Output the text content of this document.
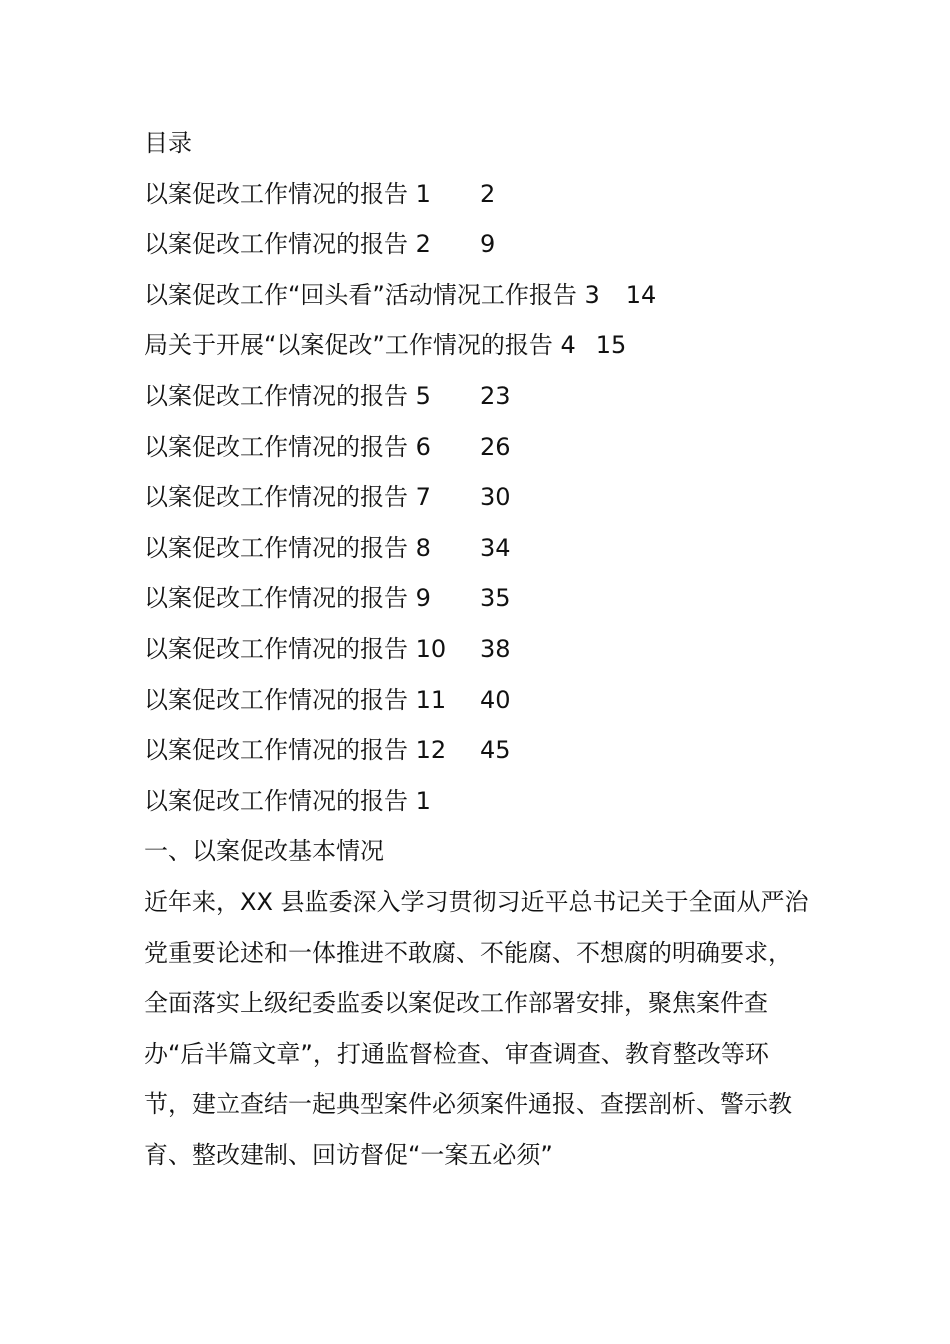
目录
以案促改工作情况的报告 1	2
以案促改工作情况的报告 2	9
以案促改工作“回头看”活动情况工作报告 3 14
局关于开展“以案促改”工作情况的报告 4 15
以案促改工作情况的报告 5	23
以案促改工作情况的报告 6	26
以案促改工作情况的报告 7	30
以案促改工作情况的报告 8	34
以案促改工作情况的报告 9	35
以案促改工作情况的报告 10	38
以案促改工作情况的报告 11	40
以案促改工作情况的报告 12	45
以案促改工作情况的报告 1
一、以案促改基本情况

近年来，XX 县监委深入学习贯彻习近平总书记关于全面从严治党重要论述和一体推进不敢腐、不能腐、不想腐的明确要求，全面落实上级纪委监委以案促改工作部署安排，聚焦案件查办“后半篇文章”，打通监督检查、审查调查、教育整改等环节，建立查结一起典型案件必须案件通报、查摆剖析、警示教育、整改建制、回访督促“一案五必须”
